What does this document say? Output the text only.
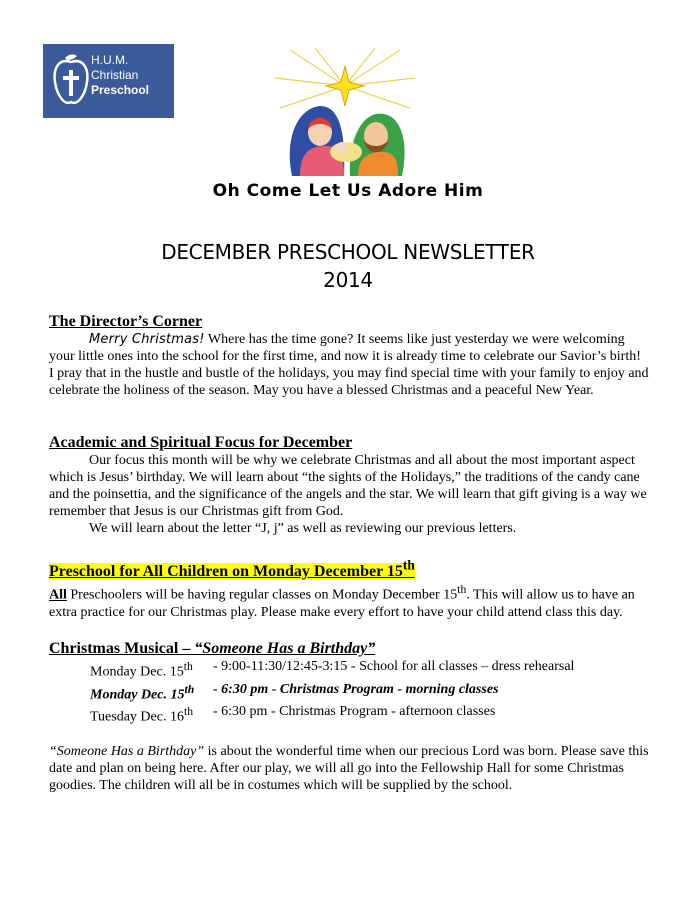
H.U.M.
Christian
Preschool
Oh Come Let Us Adore Him
DECEMBER PRESCHOOL NEWSLETTER
2014
The Director’s Corner

Merry Christmas! Where has the time gone? It seems like just yesterday we were welcoming your little ones into the school for the first time, and now it is already time to celebrate our Savior’s birth! I pray that in the hustle and bustle of the holidays, you may find special time with your family to enjoy and celebrate the holiness of the season. May you have a blessed Christmas and a peaceful New Year.

Academic and Spiritual Focus for December

Our focus this month will be why we celebrate Christmas and all about the most important aspect which is Jesus’ birthday. We will learn about “the sights of the Holidays,” the traditions of the candy cane and the poinsettia, and the significance of the angels and the star. We will learn that gift giving is a way we remember that Jesus is our Christmas gift from God.

We will learn about the letter “J, j” as well as reviewing our previous letters.

Preschool for All Children on Monday December 15th

All Preschoolers will be having regular classes on Monday December 15th. This will allow us to have an extra practice for our Christmas play. Please make every effort to have your child attend class this day.

Christmas Musical – “Someone Has a Birthday”
Monday Dec. 15th	- 9:00-11:30/12:45-3:15 - School for all classes – dress rehearsal
Monday Dec. 15th	- 6:30 pm - Christmas Program - morning classes
Tuesday Dec. 16th	- 6:30 pm - Christmas Program - afternoon classes

“Someone Has a Birthday” is about the wonderful time when our precious Lord was born. Please save this date and plan on being here. After our play, we will all go into the Fellowship Hall for some Christmas goodies. The children will all be in costumes which will be supplied by the school.
